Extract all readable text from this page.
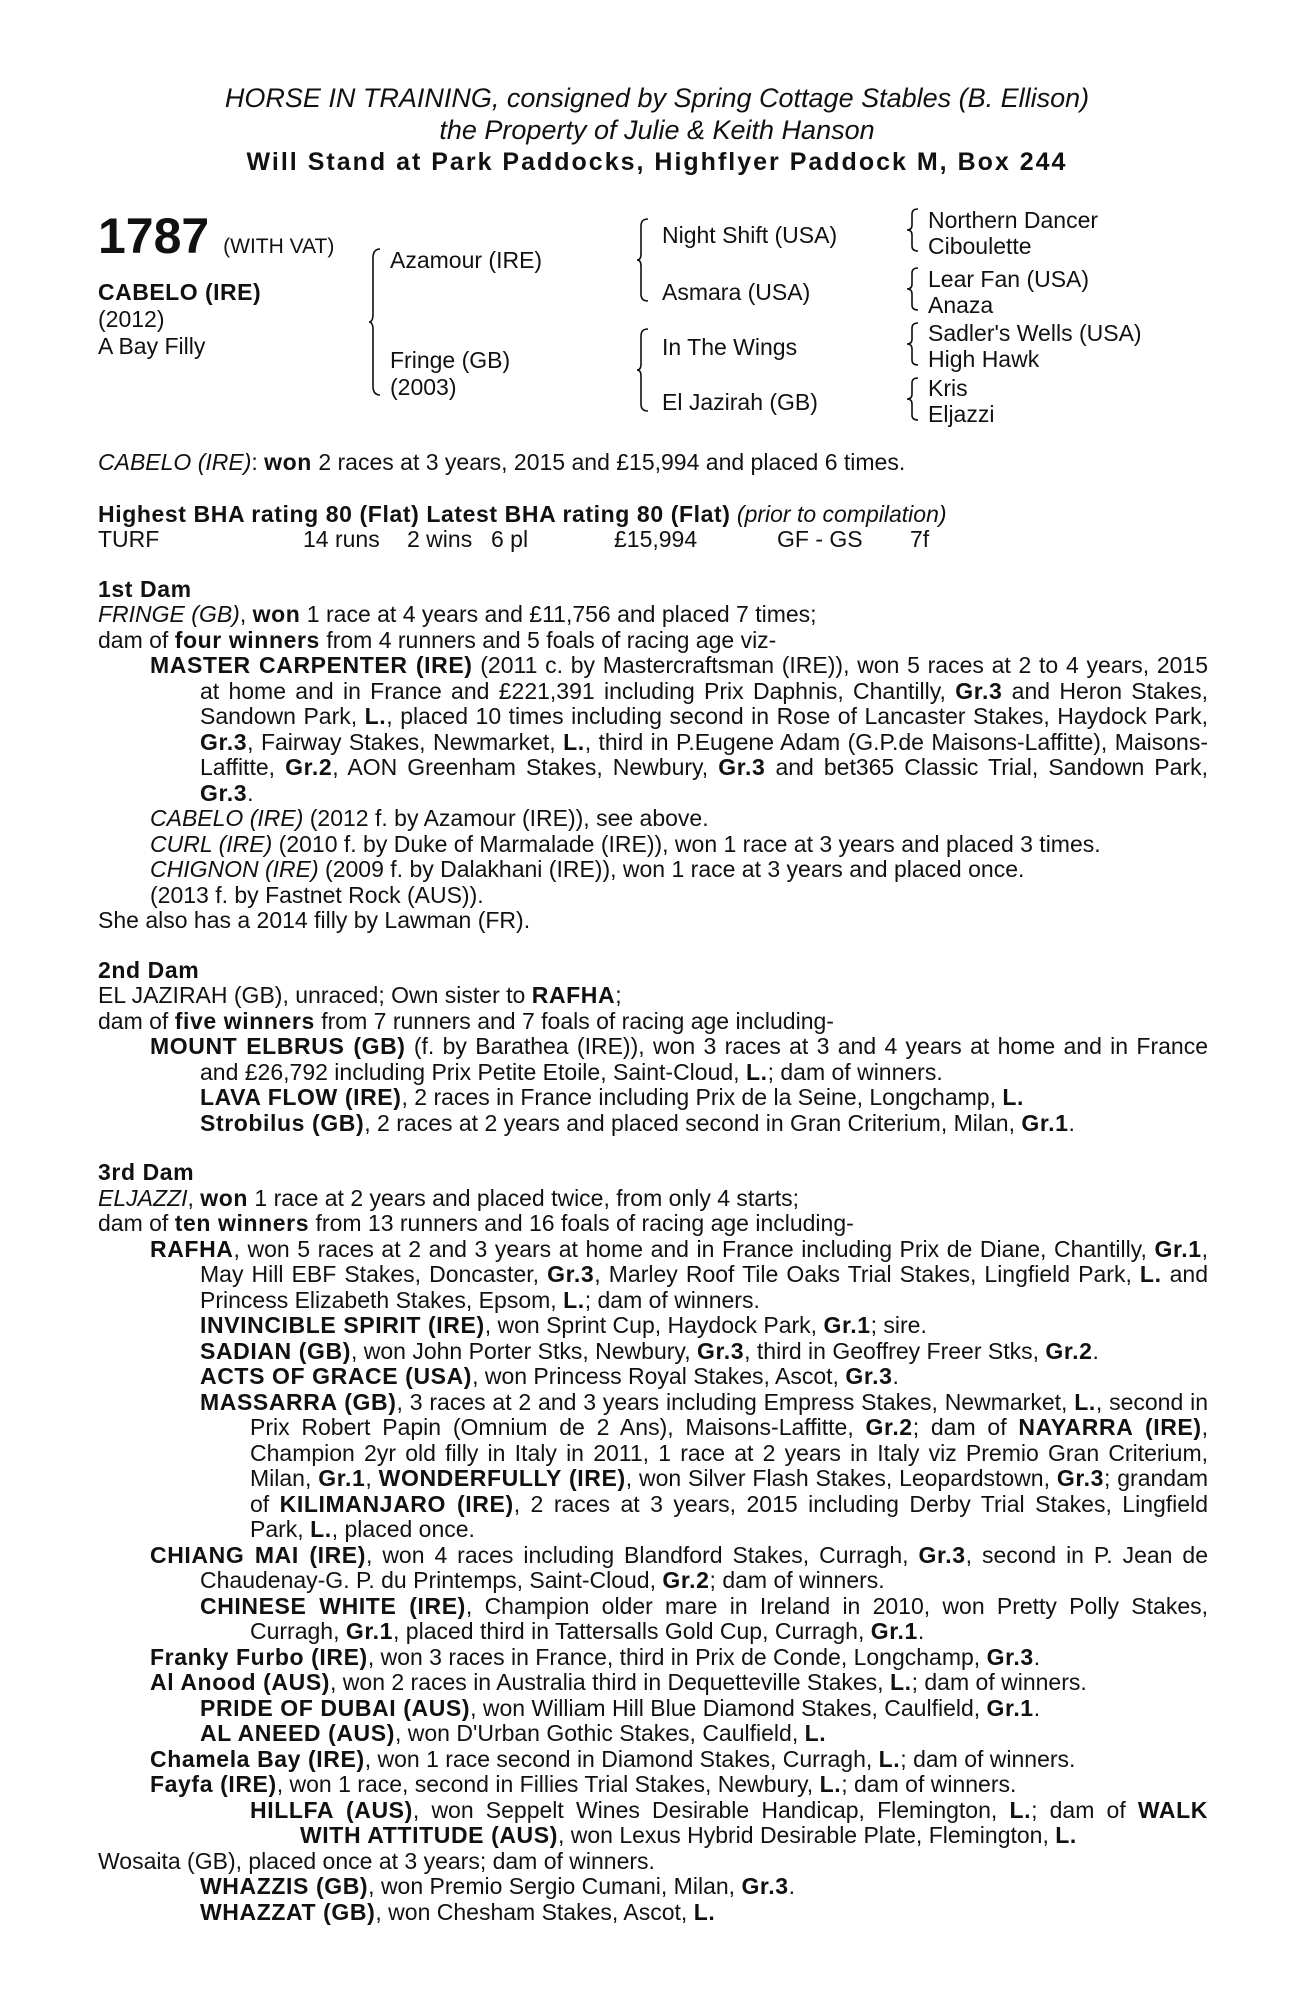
HORSE IN TRAINING, consigned by Spring Cottage Stables (B. Ellison)
the Property of Julie & Keith Hanson
Will Stand at Park Paddocks, Highflyer Paddock M, Box 244
1787 (WITH VAT)
CABELO (IRE)
(2012)
A Bay Filly
Azamour (IRE)
Fringe (GB)
(2003)
Night Shift (USA)
Asmara (USA)
In The Wings
El Jazirah (GB)
Northern Dancer
Ciboulette
Lear Fan (USA)
Anaza
Sadler's Wells (USA)
High Hawk
Kris
Eljazzi

CABELO (IRE): won 2 races at 3 years, 2015 and £15,994 and placed 6 times.

Highest BHA rating 80 (Flat) Latest BHA rating 80 (Flat) (prior to compilation)

TURF	14 runs	2 wins 6 pl	£15,994	GF - GS	7f

1st Dam

FRINGE (GB), won 1 race at 4 years and £11,756 and placed 7 times;

dam of four winners from 4 runners and 5 foals of racing age viz-

MASTER CARPENTER (IRE) (2011 c. by Mastercraftsman (IRE)), won 5 races at 2 to 4 years, 2015 at home and in France and £221,391 including Prix Daphnis, Chantilly, Gr.3 and Heron Stakes, Sandown Park, L., placed 10 times including second in Rose of Lancaster Stakes, Haydock Park, Gr.3, Fairway Stakes, Newmarket, L., third in P.Eugene Adam (G.P.de Maisons-Laffitte), Maisons-Laffitte, Gr.2, AON Greenham Stakes, Newbury, Gr.3 and bet365 Classic Trial, Sandown Park, Gr.3.

CABELO (IRE) (2012 f. by Azamour (IRE)), see above.

CURL (IRE) (2010 f. by Duke of Marmalade (IRE)), won 1 race at 3 years and placed 3 times.

CHIGNON (IRE) (2009 f. by Dalakhani (IRE)), won 1 race at 3 years and placed once.

(2013 f. by Fastnet Rock (AUS)).

She also has a 2014 filly by Lawman (FR).

2nd Dam

EL JAZIRAH (GB), unraced; Own sister to RAFHA;

dam of five winners from 7 runners and 7 foals of racing age including-

MOUNT ELBRUS (GB) (f. by Barathea (IRE)), won 3 races at 3 and 4 years at home and in France and £26,792 including Prix Petite Etoile, Saint-Cloud, L.; dam of winners.

LAVA FLOW (IRE), 2 races in France including Prix de la Seine, Longchamp, L.

Strobilus (GB), 2 races at 2 years and placed second in Gran Criterium, Milan, Gr.1.

3rd Dam

ELJAZZI, won 1 race at 2 years and placed twice, from only 4 starts;

dam of ten winners from 13 runners and 16 foals of racing age including-

RAFHA, won 5 races at 2 and 3 years at home and in France including Prix de Diane, Chantilly, Gr.1, May Hill EBF Stakes, Doncaster, Gr.3, Marley Roof Tile Oaks Trial Stakes, Lingfield Park, L. and Princess Elizabeth Stakes, Epsom, L.; dam of winners.

INVINCIBLE SPIRIT (IRE), won Sprint Cup, Haydock Park, Gr.1; sire.

SADIAN (GB), won John Porter Stks, Newbury, Gr.3, third in Geoffrey Freer Stks, Gr.2.

ACTS OF GRACE (USA), won Princess Royal Stakes, Ascot, Gr.3.

MASSARRA (GB), 3 races at 2 and 3 years including Empress Stakes, Newmarket, L., second in Prix Robert Papin (Omnium de 2 Ans), Maisons-Laffitte, Gr.2; dam of NAYARRA (IRE), Champion 2yr old filly in Italy in 2011, 1 race at 2 years in Italy viz Premio Gran Criterium, Milan, Gr.1, WONDERFULLY (IRE), won Silver Flash Stakes, Leopardstown, Gr.3; grandam of KILIMANJARO (IRE), 2 races at 3 years, 2015 including Derby Trial Stakes, Lingfield Park, L., placed once.

CHIANG MAI (IRE), won 4 races including Blandford Stakes, Curragh, Gr.3, second in P. Jean de Chaudenay-G. P. du Printemps, Saint-Cloud, Gr.2; dam of winners.

CHINESE WHITE (IRE), Champion older mare in Ireland in 2010, won Pretty Polly Stakes, Curragh, Gr.1, placed third in Tattersalls Gold Cup, Curragh, Gr.1.

Franky Furbo (IRE), won 3 races in France, third in Prix de Conde, Longchamp, Gr.3.

Al Anood (AUS), won 2 races in Australia third in Dequetteville Stakes, L.; dam of winners.

PRIDE OF DUBAI (AUS), won William Hill Blue Diamond Stakes, Caulfield, Gr.1.

AL ANEED (AUS), won D'Urban Gothic Stakes, Caulfield, L.

Chamela Bay (IRE), won 1 race second in Diamond Stakes, Curragh, L.; dam of winners.

Fayfa (IRE), won 1 race, second in Fillies Trial Stakes, Newbury, L.; dam of winners.

HILLFA (AUS), won Seppelt Wines Desirable Handicap, Flemington, L.; dam of WALK WITH ATTITUDE (AUS), won Lexus Hybrid Desirable Plate, Flemington, L.

Wosaita (GB), placed once at 3 years; dam of winners.

WHAZZIS (GB), won Premio Sergio Cumani, Milan, Gr.3.

WHAZZAT (GB), won Chesham Stakes, Ascot, L.
